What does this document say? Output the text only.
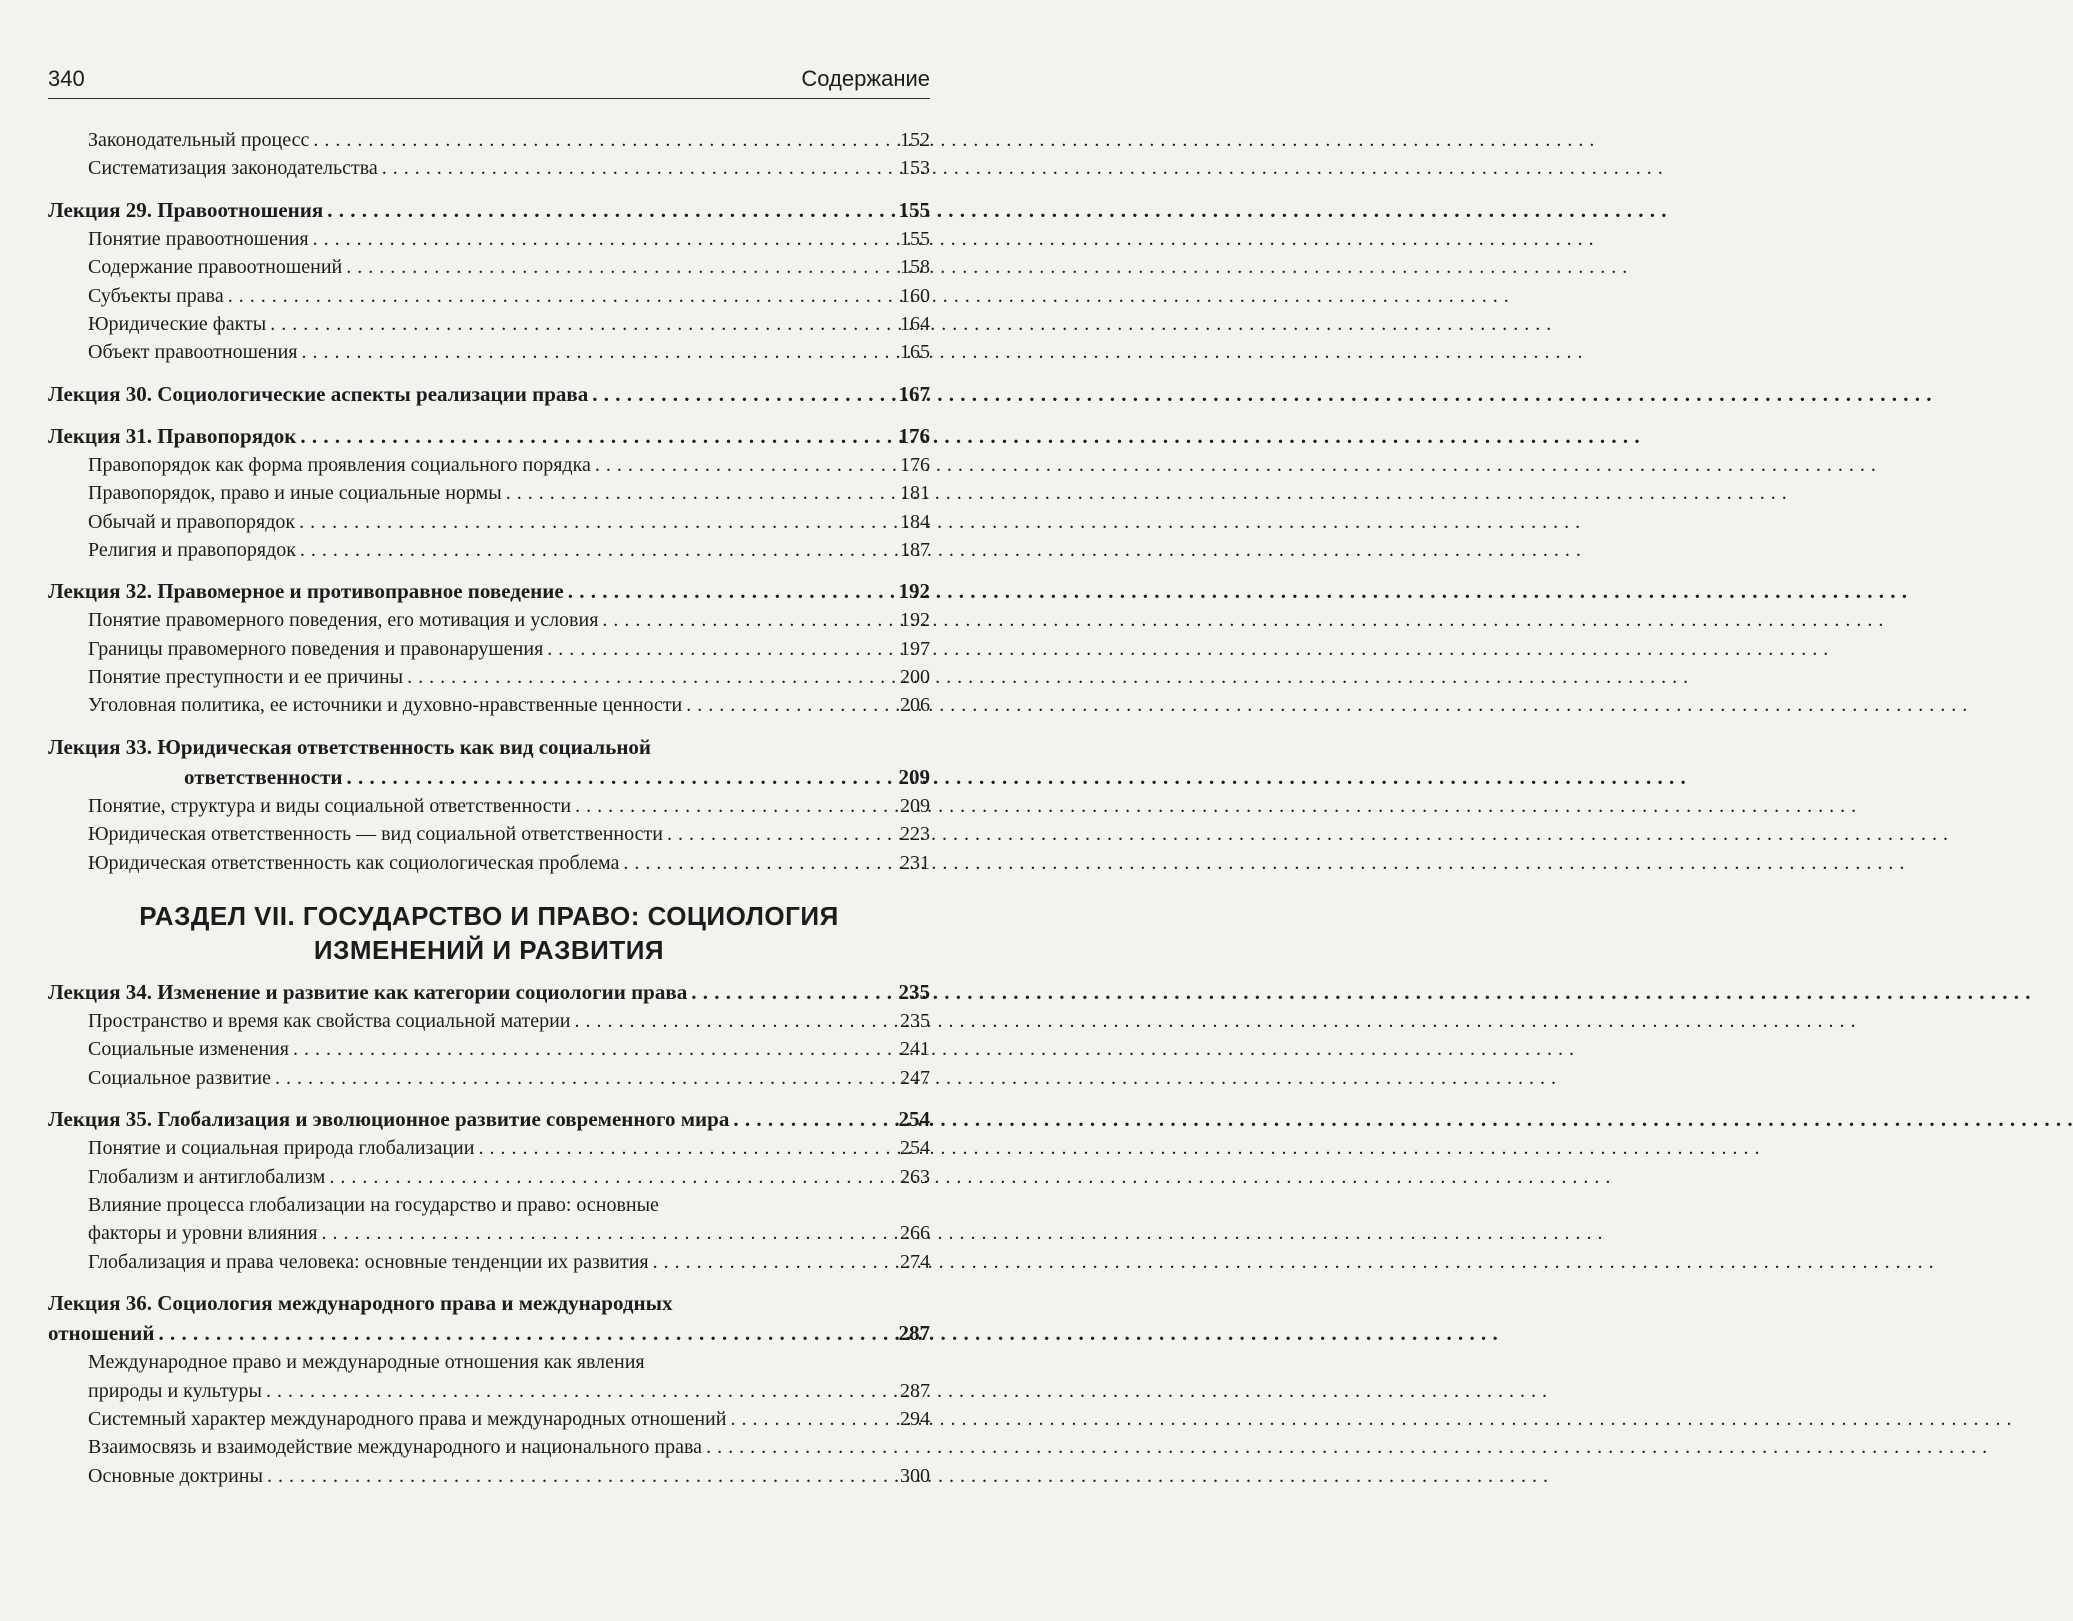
340	Содержание
Законодательный процесс . . .	152
Систематизация законодательства . . .	153
Лекция 29. Правоотношения . . .	155
Понятие правоотношения . . .	155
Содержание правоотношений . . .	158
Субъекты права . . .	160
Юридические факты . . .	164
Объект правоотношения . . .	165
Лекция 30. Социологические аспекты реализации права . . .	167
Лекция 31. Правопорядок . . .	176
Правопорядок как форма проявления социального порядка . . .	176
Правопорядок, право и иные социальные нормы . . .	181
Обычай и правопорядок . . .	184
Религия и правопорядок . . .	187
Лекция 32. Правомерное и противоправное поведение . . .	192
Понятие правомерного поведения, его мотивация и условия . . .	192
Границы правомерного поведения и правонарушения . . .	197
Понятие преступности и ее причины . . .	200
Уголовная политика, ее источники и духовно-нравственные ценности . . .	206
Лекция 33. Юридическая ответственность как вид социальной
ответственности . . .	209
Понятие, структура и виды социальной ответственности . . .	209
Юридическая ответственность — вид социальной ответственности . . .	223
Юридическая ответственность как социологическая проблема . . .	231
РАЗДЕЛ VII. ГОСУДАРСТВО И ПРАВО: СОЦИОЛОГИЯ
ИЗМЕНЕНИЙ И РАЗВИТИЯ
Лекция 34. Изменение и развитие как категории социологии права . . .	235
Пространство и время как свойства социальной материи . . .	235
Социальные изменения . . .	241
Социальное развитие . . .	247
Лекция 35. Глобализация и эволюционное развитие современного мира . . .	254
Понятие и социальная природа глобализации . . .	254
Глобализм и антиглобализм . . .	263
Влияние процесса глобализации на государство и право: основные
факторы и уровни влияния . . .	266
Глобализация и права человека: основные тенденции их развития . . .	274
Лекция 36. Социология международного права и международных
отношений . . .	287
Международное право и международные отношения как явления
природы и культуры . . .	287
Системный характер международного права и международных отношений . . .	294
Взаимосвязь и взаимодействие международного и национального права
. . .
Основные доктрины . . .	300
